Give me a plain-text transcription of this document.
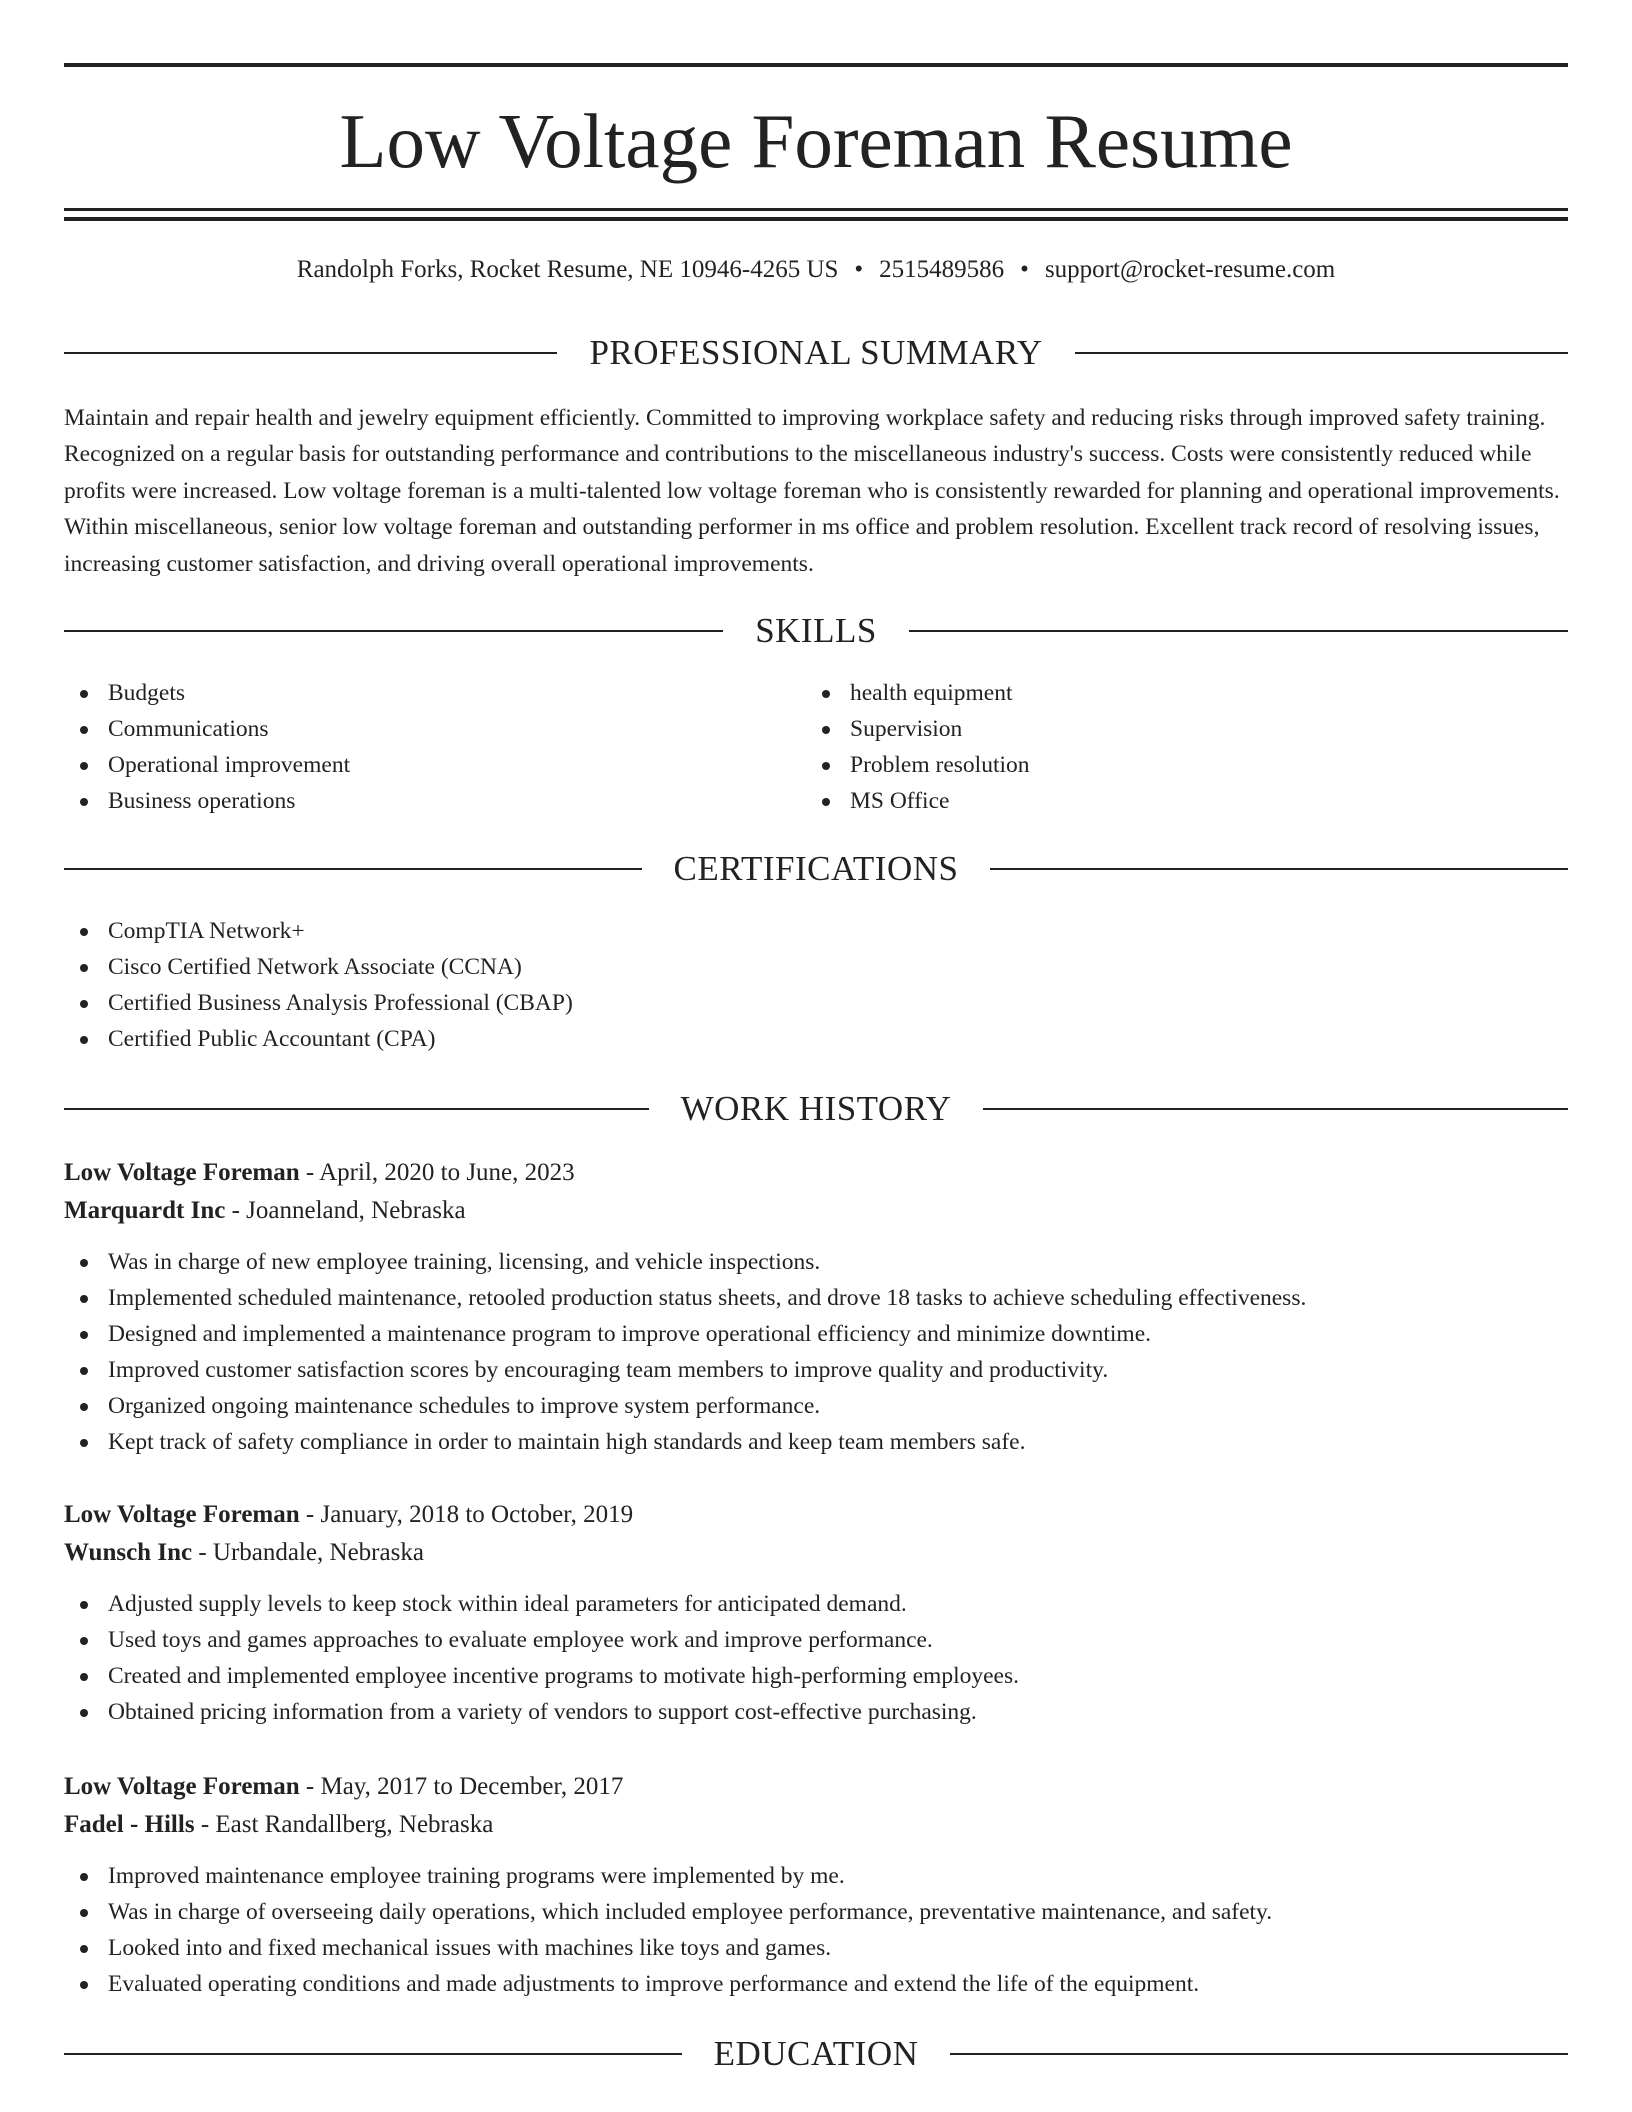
Low Voltage Foreman Resume
Randolph Forks, Rocket Resume, NE 10946-4265 US • 2515489586 • support@rocket-resume.com
PROFESSIONAL SUMMARY

Maintain and repair health and jewelry equipment efficiently. Committed to improving workplace safety and reducing risks through improved safety training. Recognized on a regular basis for outstanding performance and contributions to the miscellaneous industry's success. Costs were consistently reduced while profits were increased. Low voltage foreman is a multi-talented low voltage foreman who is consistently rewarded for planning and operational improvements. Within miscellaneous, senior low voltage foreman and outstanding performer in ms office and problem resolution. Excellent track record of resolving issues, increasing customer satisfaction, and driving overall operational improvements.

SKILLS
Budgets
Communications
Operational improvement
Business operations
health equipment
Supervision
Problem resolution
MS Office
CERTIFICATIONS
CompTIA Network+
Cisco Certified Network Associate (CCNA)
Certified Business Analysis Professional (CBAP)
Certified Public Accountant (CPA)
WORK HISTORY
Low Voltage Foreman - April, 2020 to June, 2023
Marquardt Inc - Joanneland, Nebraska
Was in charge of new employee training, licensing, and vehicle inspections.
Implemented scheduled maintenance, retooled production status sheets, and drove 18 tasks to achieve scheduling effectiveness.
Designed and implemented a maintenance program to improve operational efficiency and minimize downtime.
Improved customer satisfaction scores by encouraging team members to improve quality and productivity.
Organized ongoing maintenance schedules to improve system performance.
Kept track of safety compliance in order to maintain high standards and keep team members safe.
Low Voltage Foreman - January, 2018 to October, 2019
Wunsch Inc - Urbandale, Nebraska
Adjusted supply levels to keep stock within ideal parameters for anticipated demand.
Used toys and games approaches to evaluate employee work and improve performance.
Created and implemented employee incentive programs to motivate high-performing employees.
Obtained pricing information from a variety of vendors to support cost-effective purchasing.
Low Voltage Foreman - May, 2017 to December, 2017
Fadel - Hills - East Randallberg, Nebraska
Improved maintenance employee training programs were implemented by me.
Was in charge of overseeing daily operations, which included employee performance, preventative maintenance, and safety.
Looked into and fixed mechanical issues with machines like toys and games.
Evaluated operating conditions and made adjustments to improve performance and extend the life of the equipment.
EDUCATION
